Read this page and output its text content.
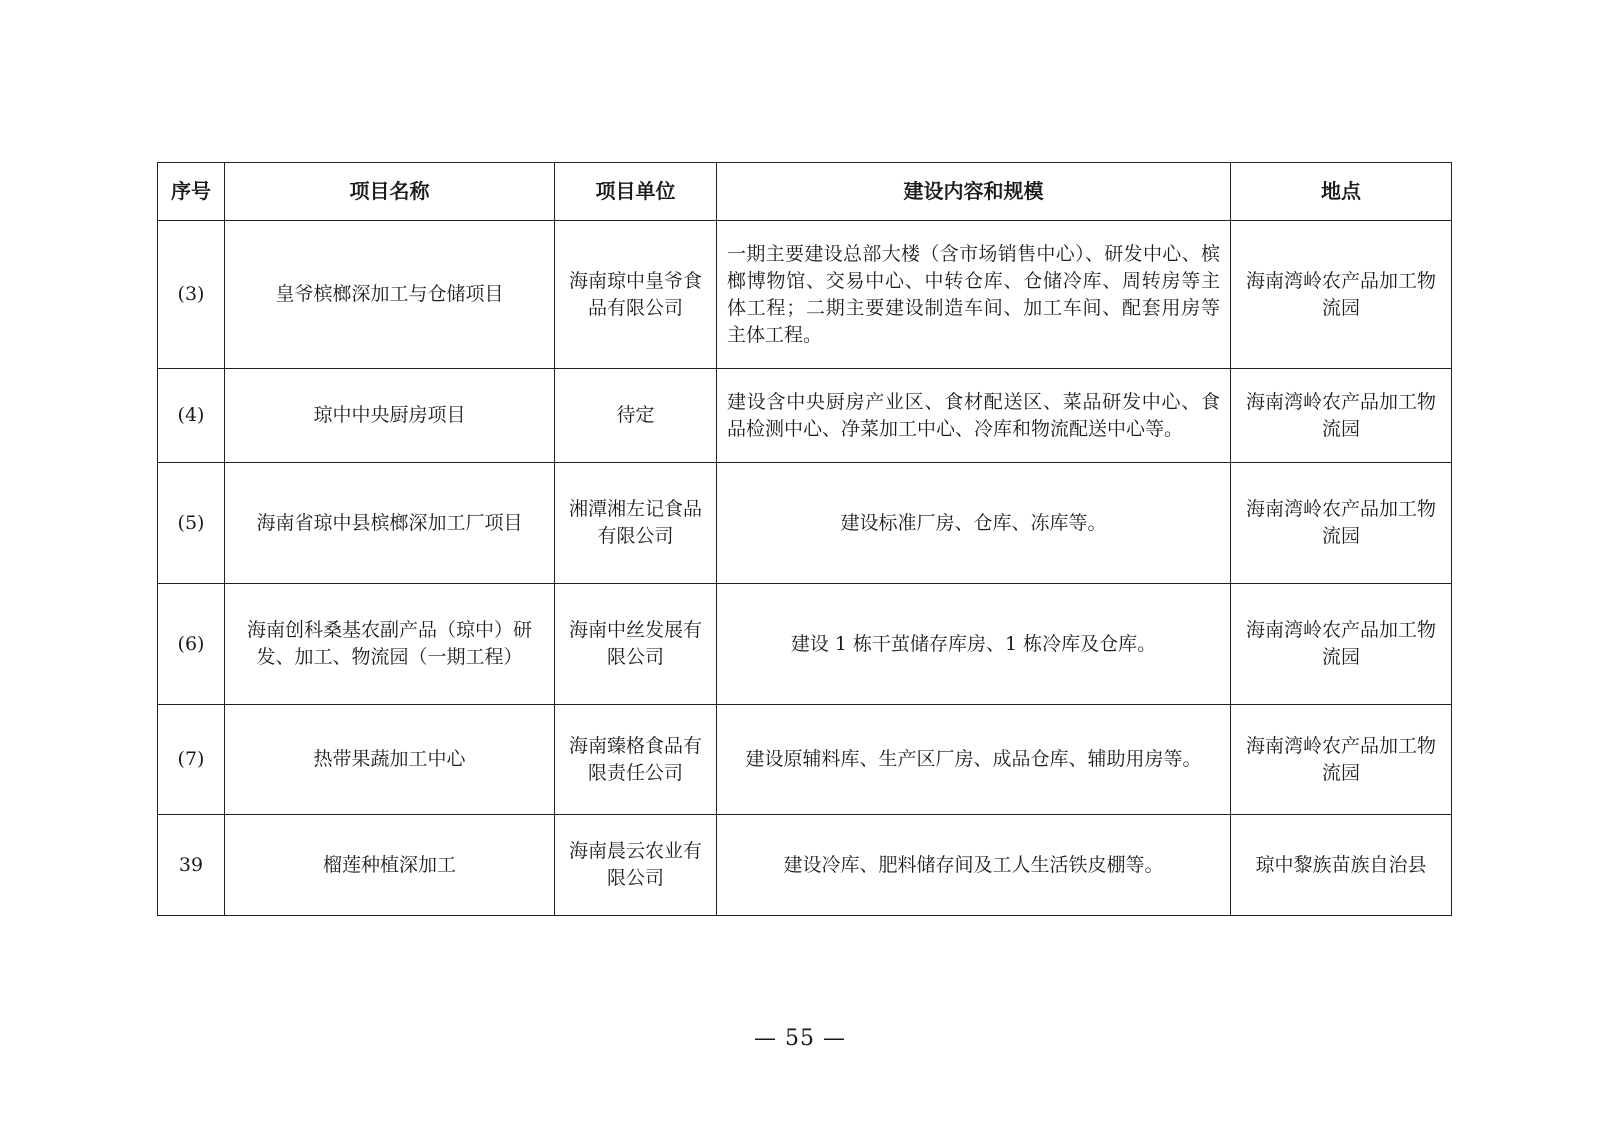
序号	项目名称	项目单位	建设内容和规模	地点
(3)	皇爷槟榔深加工与仓储项目	海南琼中皇爷食品有限公司	一期主要建设总部大楼（含市场销售中心）、研发中心、槟榔博物馆、交易中心、中转仓库、仓储冷库、周转房等主体工程；二期主要建设制造车间、加工车间、配套用房等主体工程。	海南湾岭农产品加工物流园
(4)	琼中中央厨房项目	待定	建设含中央厨房产业区、食材配送区、菜品研发中心、食品检测中心、净菜加工中心、冷库和物流配送中心等。	海南湾岭农产品加工物流园
(5)	海南省琼中县槟榔深加工厂项目	湘潭湘左记食品有限公司	建设标准厂房、仓库、冻库等。	海南湾岭农产品加工物流园
(6)	海南创科桑基农副产品（琼中）研发、加工、物流园（一期工程）	海南中丝发展有限公司	建设 1 栋干茧储存库房、1 栋冷库及仓库。	海南湾岭农产品加工物流园
(7)	热带果蔬加工中心	海南臻格食品有限责任公司	建设原辅料库、生产区厂房、成品仓库、辅助用房等。	海南湾岭农产品加工物流园
39	榴莲种植深加工	海南晨云农业有限公司	建设冷库、肥料储存间及工人生活铁皮棚等。	琼中黎族苗族自治县
— 55 —
